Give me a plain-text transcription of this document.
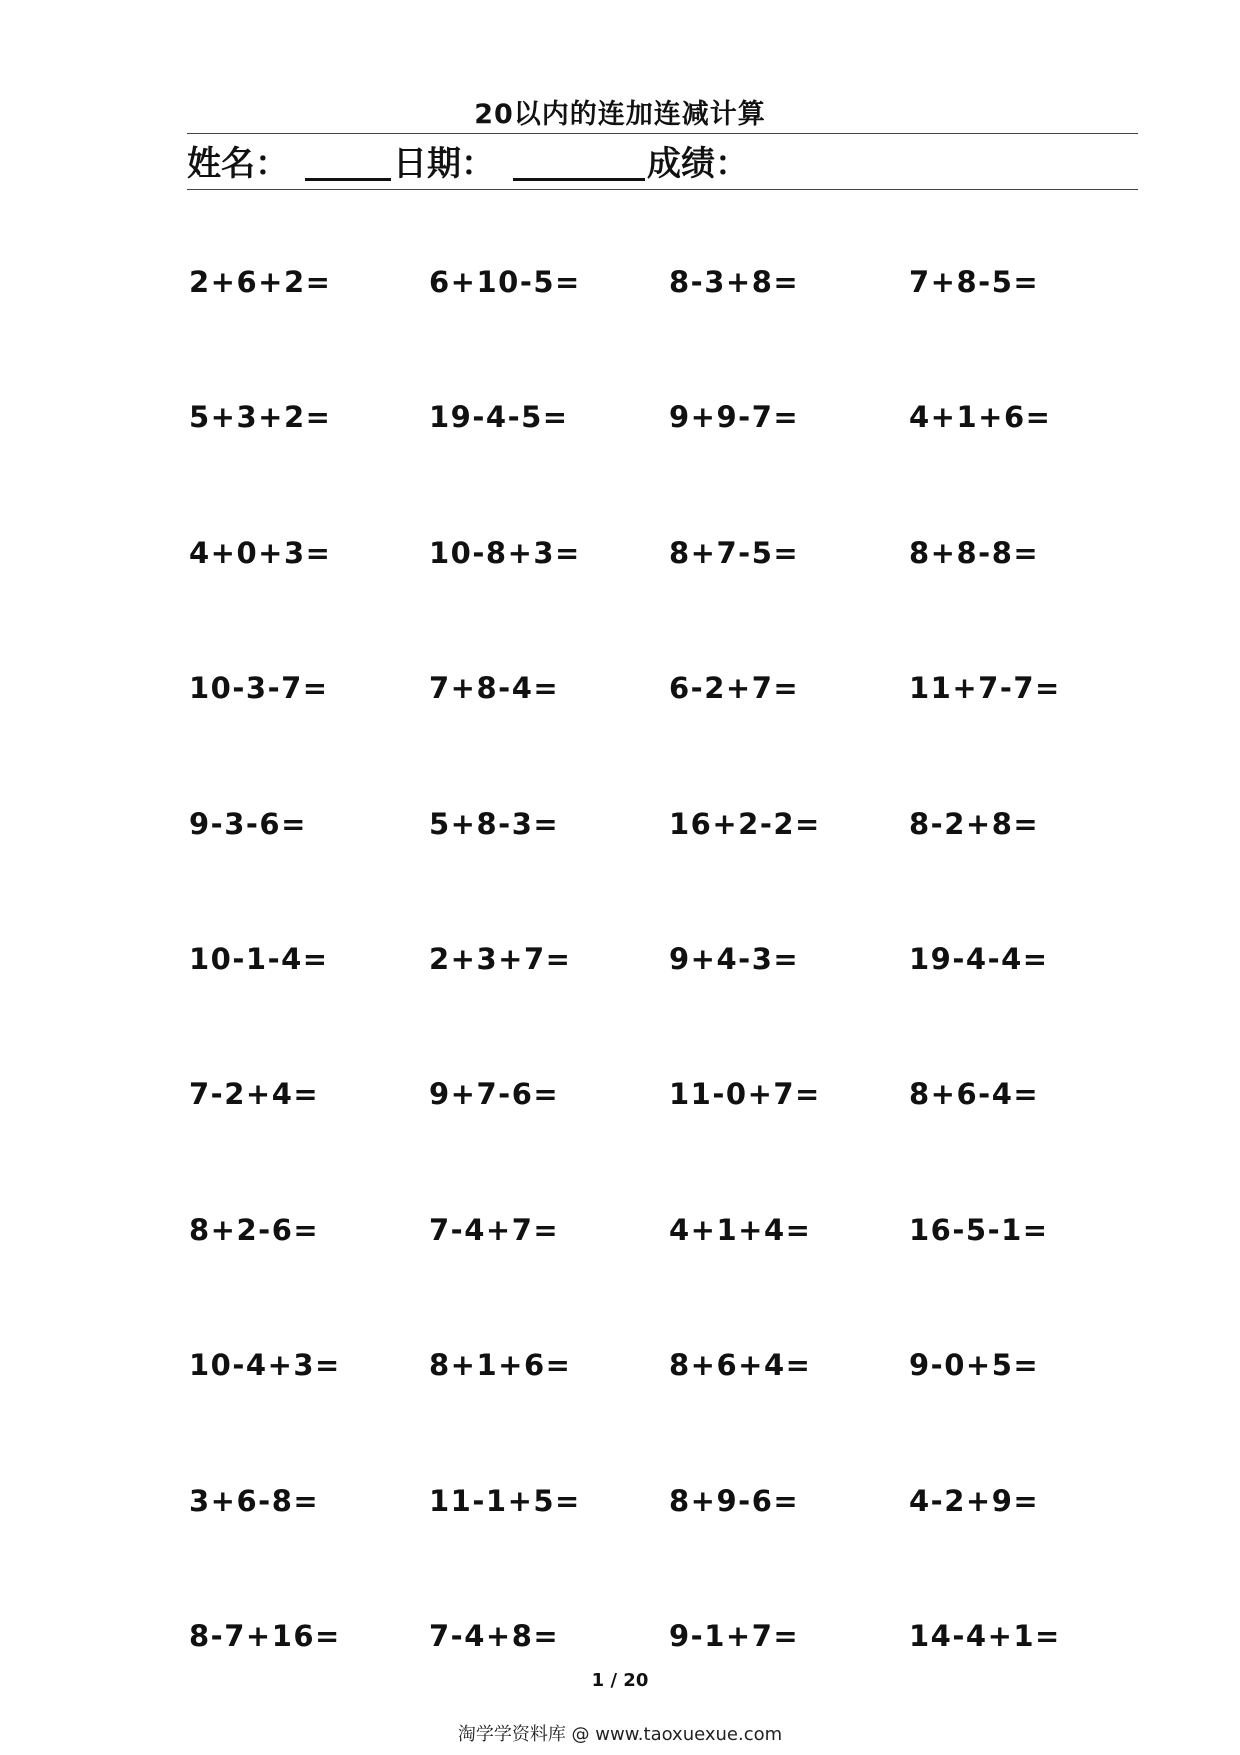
20以内的连加连减计算
姓名：	日期：	成绩：
2+6+2=	6+10-5=	8-3+8=	7+8-5=
5+3+2=	19-4-5=	9+9-7=	4+1+6=
4+0+3=	10-8+3=	8+7-5=	8+8-8=
10-3-7=	7+8-4=	6-2+7=	11+7-7=
9-3-6=	5+8-3=	16+2-2=	8-2+8=
10-1-4=	2+3+7=	9+4-3=	19-4-4=
7-2+4=	9+7-6=	11-0+7=	8+6-4=
8+2-6=	7-4+7=	4+1+4=	16-5-1=
10-4+3=	8+1+6=	8+6+4=	9-0+5=
3+6-8=	11-1+5=	8+9-6=	4-2+9=
8-7+16=	7-4+8=	9-1+7=	14-4+1=
1 / 20
淘学学资料库 @ www.taoxuexue.com
